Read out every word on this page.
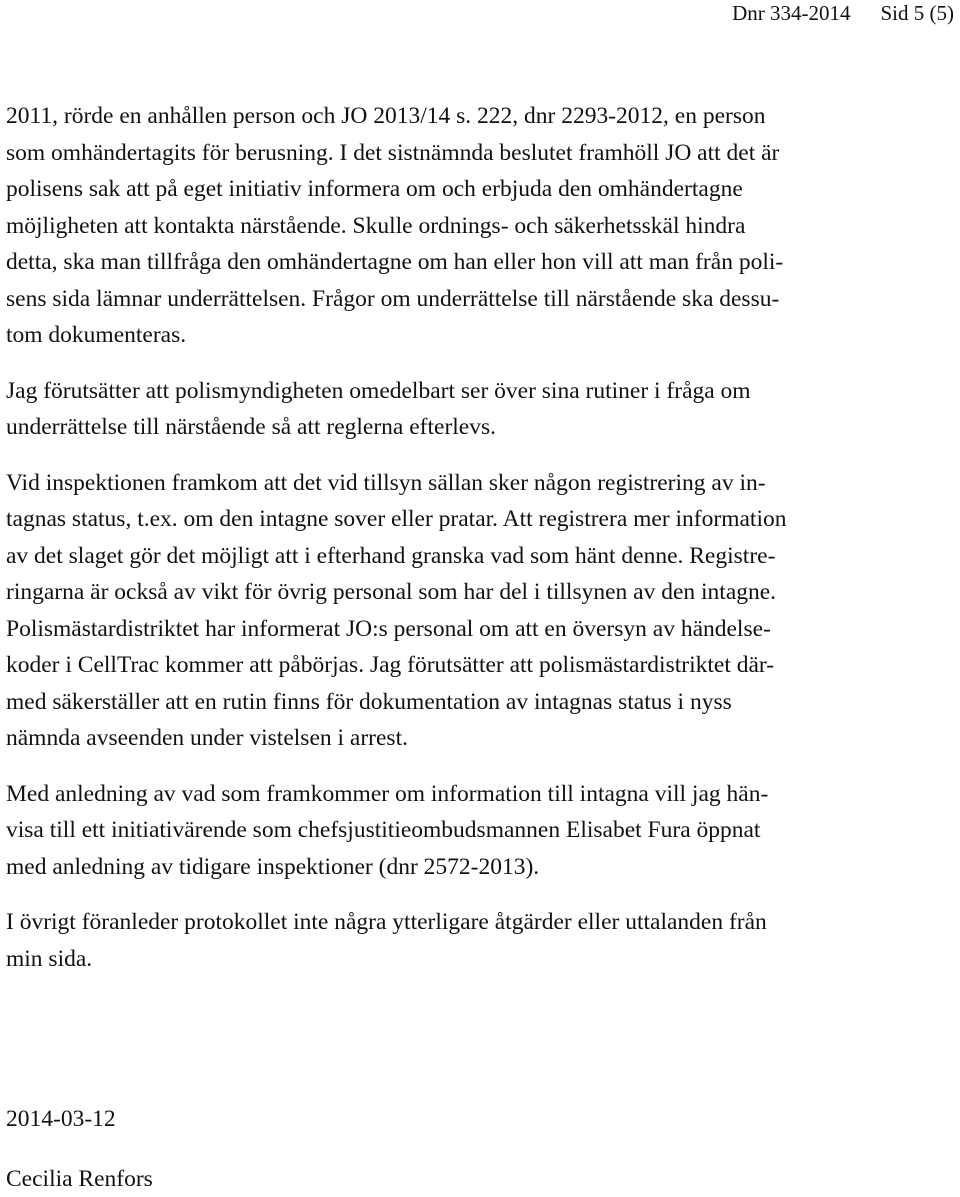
Dnr 334-2014 Sid 5 (5)
2011, rörde en anhållen person och JO 2013/14 s. 222, dnr 2293-2012, en person
som omhändertagits för berusning. I det sistnämnda beslutet framhöll JO att det är
polisens sak att på eget initiativ informera om och erbjuda den omhändertagne
möjligheten att kontakta närstående. Skulle ordnings- och säkerhetsskäl hindra
detta, ska man tillfråga den omhändertagne om han eller hon vill att man från poli-
sens sida lämnar underrättelsen. Frågor om underrättelse till närstående ska dessu-
tom dokumenteras.
Jag förutsätter att polismyndigheten omedelbart ser över sina rutiner i fråga om
underrättelse till närstående så att reglerna efterlevs.
Vid inspektionen framkom att det vid tillsyn sällan sker någon registrering av in-
tagnas status, t.ex. om den intagne sover eller pratar. Att registrera mer information
av det slaget gör det möjligt att i efterhand granska vad som hänt denne. Registre-
ringarna är också av vikt för övrig personal som har del i tillsynen av den intagne.
Polismästardistriktet har informerat JO:s personal om att en översyn av händelse-
koder i CellTrac kommer att påbörjas. Jag förutsätter att polismästardistriktet där-
med säkerställer att en rutin finns för dokumentation av intagnas status i nyss
nämnda avseenden under vistelsen i arrest.
Med anledning av vad som framkommer om information till intagna vill jag hän-
visa till ett initiativärende som chefsjustitieombudsmannen Elisabet Fura öppnat
med anledning av tidigare inspektioner (dnr 2572-2013).
I övrigt föranleder protokollet inte några ytterligare åtgärder eller uttalanden från
min sida.
2014-03-12
Cecilia Renfors
